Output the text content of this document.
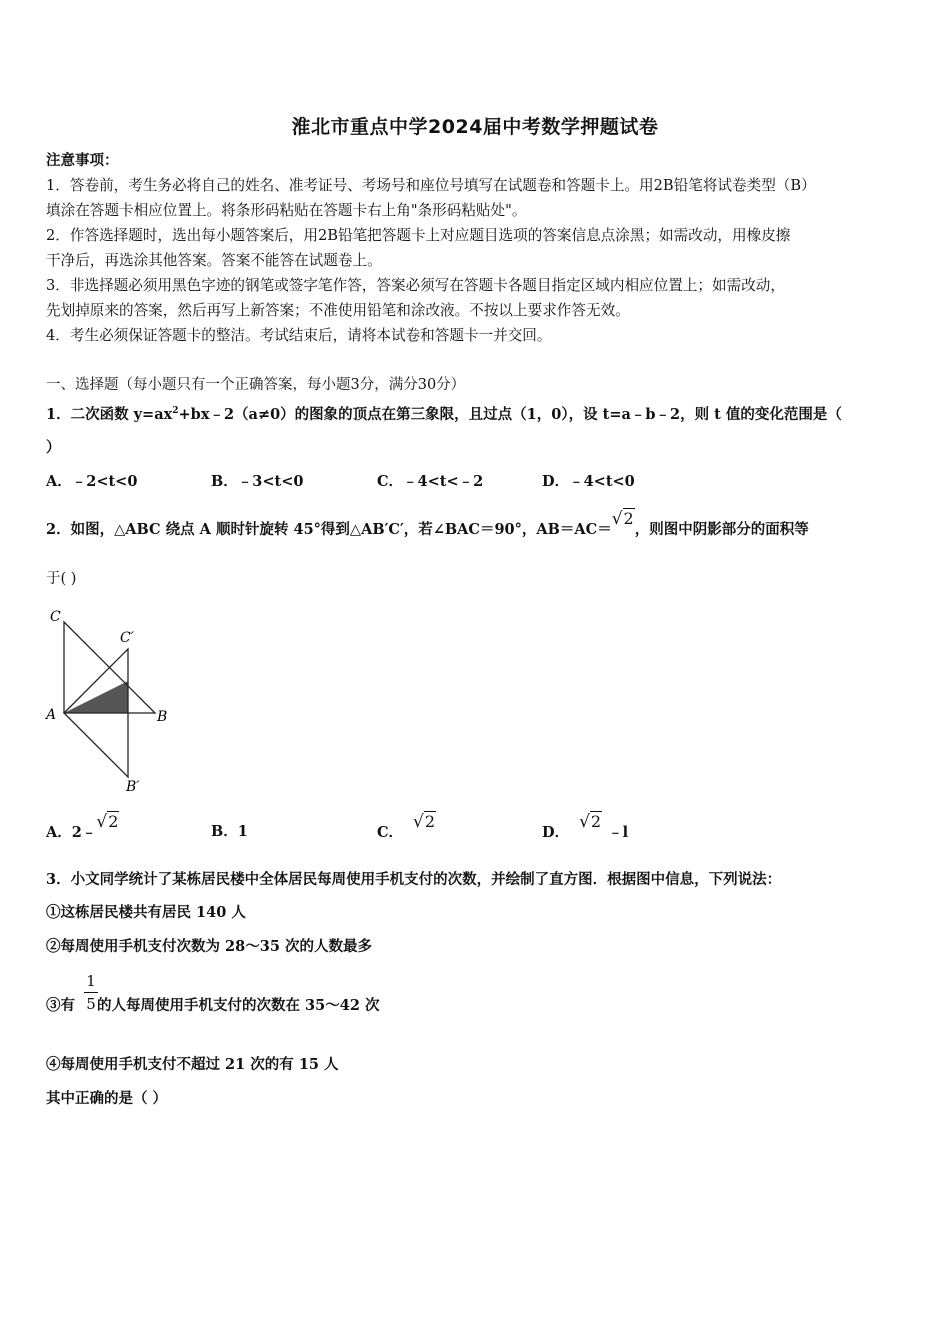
淮北市重点中学2024届中考数学押题试卷
注意事项：
1．答卷前，考生务必将自己的姓名、准考证号、考场号和座位号填写在试题卷和答题卡上。用2B铅笔将试卷类型（B）
填涂在答题卡相应位置上。将条形码粘贴在答题卡右上角"条形码粘贴处"。
2．作答选择题时，选出每小题答案后，用2B铅笔把答题卡上对应题目选项的答案信息点涂黑；如需改动，用橡皮擦
干净后，再选涂其他答案。答案不能答在试题卷上。
3．非选择题必须用黑色字迹的钢笔或签字笔作答，答案必须写在答题卡各题目指定区域内相应位置上；如需改动，
先划掉原来的答案，然后再写上新答案；不准使用铅笔和涂改液。不按以上要求作答无效。
4．考生必须保证答题卡的整洁。考试结束后，请将本试卷和答题卡一并交回。
一、选择题（每小题只有一个正确答案，每小题3分，满分30分）
1．二次函数 $y=ax^2+bx﹣2(a\ne 0)$的图象的顶点在第三象限，且过点（1，0），设 t=a﹣b﹣2，则 t 值的变化范围是（
）
A．﹣2<t<0	B．﹣3<t<0	C．﹣4<t<﹣2	D．﹣4<t<0
2．如图，△ABC 绕点 A 顺时针旋转 45°得到△AB′C′，若∠BAC＝90°，AB＝AC＝√2，则图中阴影部分的面积等
于( )
C
C′
A	B
B′
A．2﹣√2
B．1	C．√2
D．√2﹣l
3．小文同学统计了某栋居民楼中全体居民每周使用手机支付的次数，并绘制了直方图．根据图中信息，下列说法：
①这栋居民楼共有居民 140 人
②每周使用手机支付次数为 28～35 次的人数最多
③有 的人每周使用手机支付的次数在 35～42 次
1
5
④每周使用手机支付不超过 21 次的有 15 人
其中正确的是（ ）
